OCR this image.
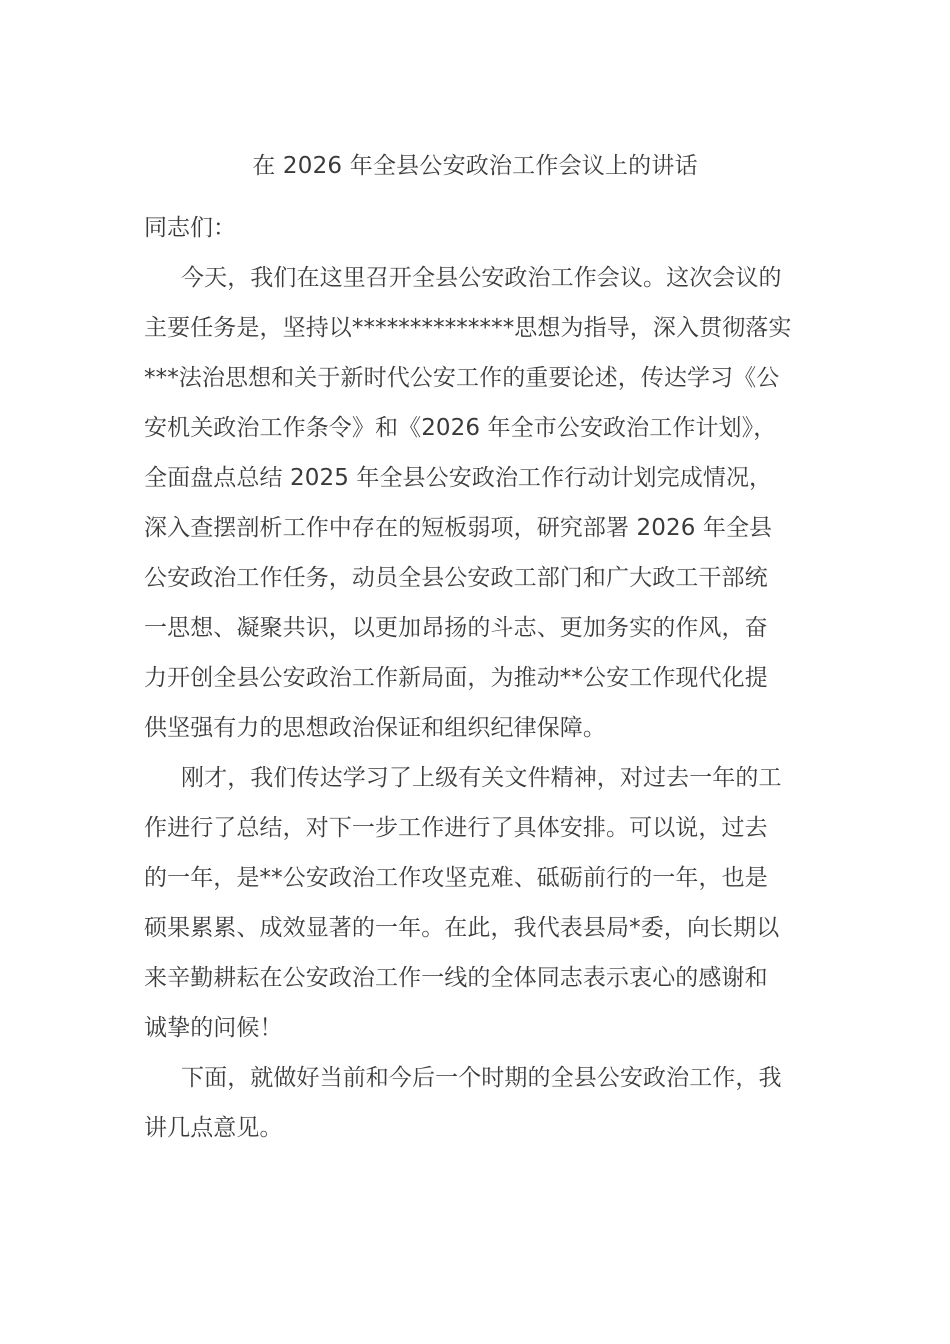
在 2026 年全县公安政治工作会议上的讲话
同志们：
今天，我们在这里召开全县公安政治工作会议。这次会议的
主要任务是，坚持以**************思想为指导，深入贯彻落实
***法治思想和关于新时代公安工作的重要论述，传达学习《公
安机关政治工作条令》和《2026 年全市公安政治工作计划》，
全面盘点总结 2025 年全县公安政治工作行动计划完成情况，
深入查摆剖析工作中存在的短板弱项，研究部署 2026 年全县
公安政治工作任务，动员全县公安政工部门和广大政工干部统
一思想、凝聚共识，以更加昂扬的斗志、更加务实的作风，奋
力开创全县公安政治工作新局面，为推动**公安工作现代化提
供坚强有力的思想政治保证和组织纪律保障。
刚才，我们传达学习了上级有关文件精神，对过去一年的工
作进行了总结，对下一步工作进行了具体安排。可以说，过去
的一年，是**公安政治工作攻坚克难、砥砺前行的一年，也是
硕果累累、成效显著的一年。在此，我代表县局*委，向长期以
来辛勤耕耘在公安政治工作一线的全体同志表示衷心的感谢和
诚挚的问候！
下面，就做好当前和今后一个时期的全县公安政治工作，我
讲几点意见。
